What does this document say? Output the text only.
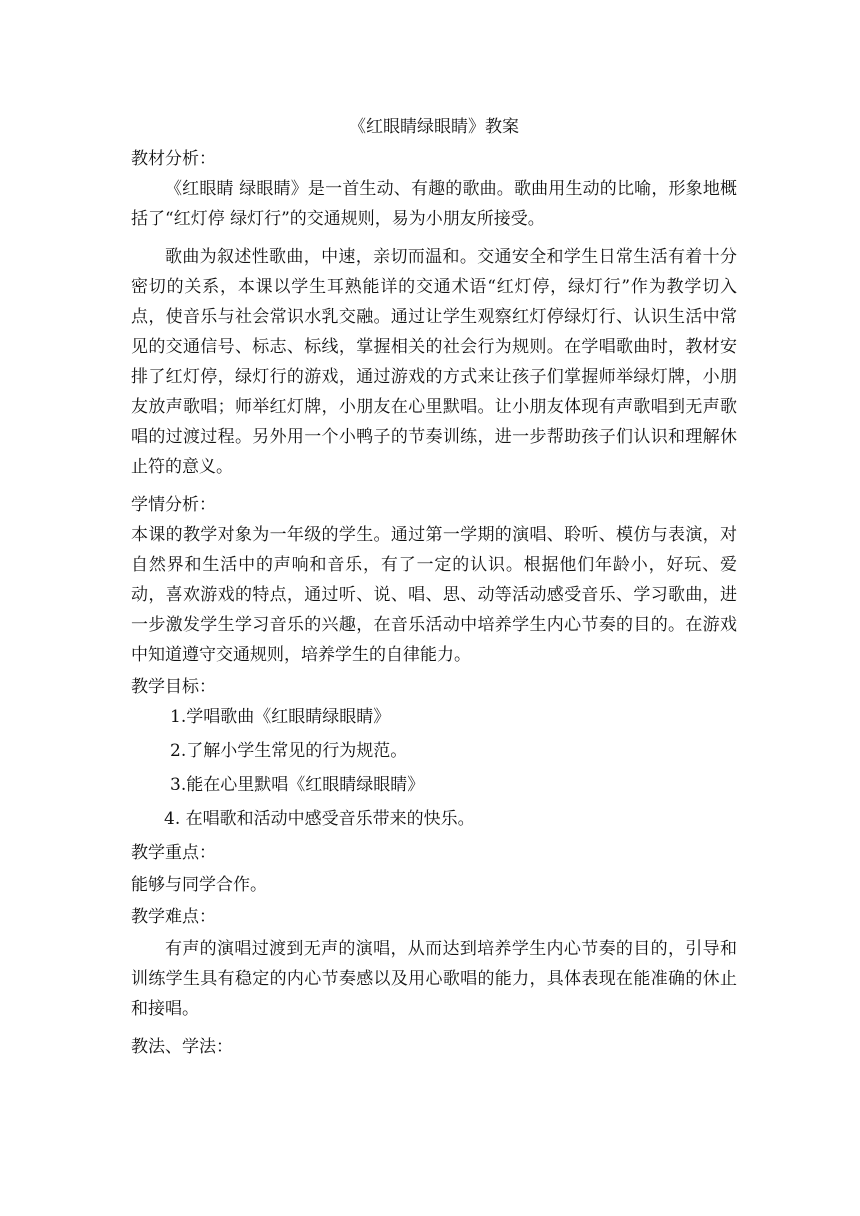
《红眼睛绿眼睛》教案

教材分析：

《红眼睛 绿眼睛》是一首生动、有趣的歌曲。歌曲用生动的比喻，形象地概括了“红灯停 绿灯行”的交通规则，易为小朋友所接受。

歌曲为叙述性歌曲，中速，亲切而温和。交通安全和学生日常生活有着十分密切的关系，本课以学生耳熟能详的交通术语“红灯停，绿灯行”作为教学切入点，使音乐与社会常识水乳交融。通过让学生观察红灯停绿灯行、认识生活中常见的交通信号、标志、标线，掌握相关的社会行为规则。在学唱歌曲时，教材安排了红灯停，绿灯行的游戏，通过游戏的方式来让孩子们掌握师举绿灯牌，小朋友放声歌唱；师举红灯牌，小朋友在心里默唱。让小朋友体现有声歌唱到无声歌唱的过渡过程。另外用一个小鸭子的节奏训练，进一步帮助孩子们认识和理解休止符的意义。

学情分析：

本课的教学对象为一年级的学生。通过第一学期的演唱、聆听、模仿与表演，对自然界和生活中的声响和音乐，有了一定的认识。根据他们年龄小，好玩、爱动，喜欢游戏的特点，通过听、说、唱、思、动等活动感受音乐、学习歌曲，进一步激发学生学习音乐的兴趣，在音乐活动中培养学生内心节奏的目的。在游戏中知道遵守交通规则，培养学生的自律能力。

教学目标：

1.学唱歌曲《红眼睛绿眼睛》

2.了解小学生常见的行为规范。

3.能在心里默唱《红眼睛绿眼睛》

4. 在唱歌和活动中感受音乐带来的快乐。

教学重点：

能够与同学合作。

教学难点：

有声的演唱过渡到无声的演唱，从而达到培养学生内心节奏的目的，引导和训练学生具有稳定的内心节奏感以及用心歌唱的能力，具体表现在能准确的休止和接唱。

教法、学法：
